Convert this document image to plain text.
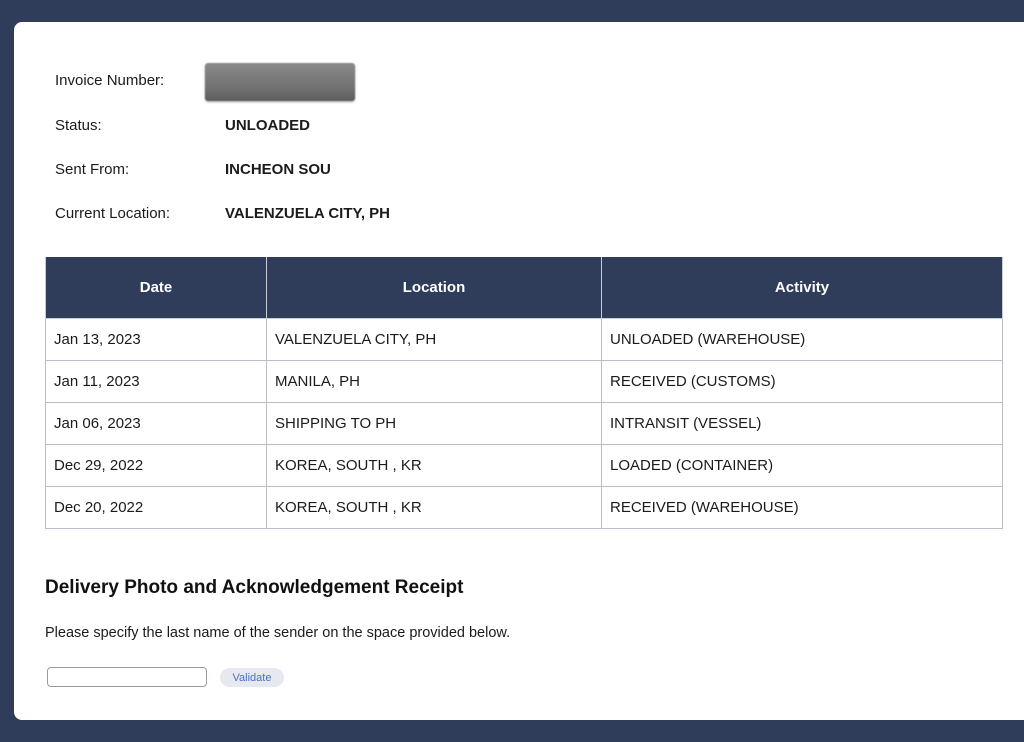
Invoice Number:
Status:	UNLOADED
Sent From:	INCHEON SOU
Current Location:	VALENZUELA CITY, PH
Date	Location	Activity
Jan 13, 2023	VALENZUELA CITY, PH	UNLOADED (WAREHOUSE)
Jan 11, 2023	MANILA, PH	RECEIVED (CUSTOMS)
Jan 06, 2023	SHIPPING TO PH	INTRANSIT (VESSEL)
Dec 29, 2022	KOREA, SOUTH , KR	LOADED (CONTAINER)
Dec 20, 2022	KOREA, SOUTH , KR	RECEIVED (WAREHOUSE)
Delivery Photo and Acknowledgement Receipt
Please specify the last name of the sender on the space provided below.
Validate
